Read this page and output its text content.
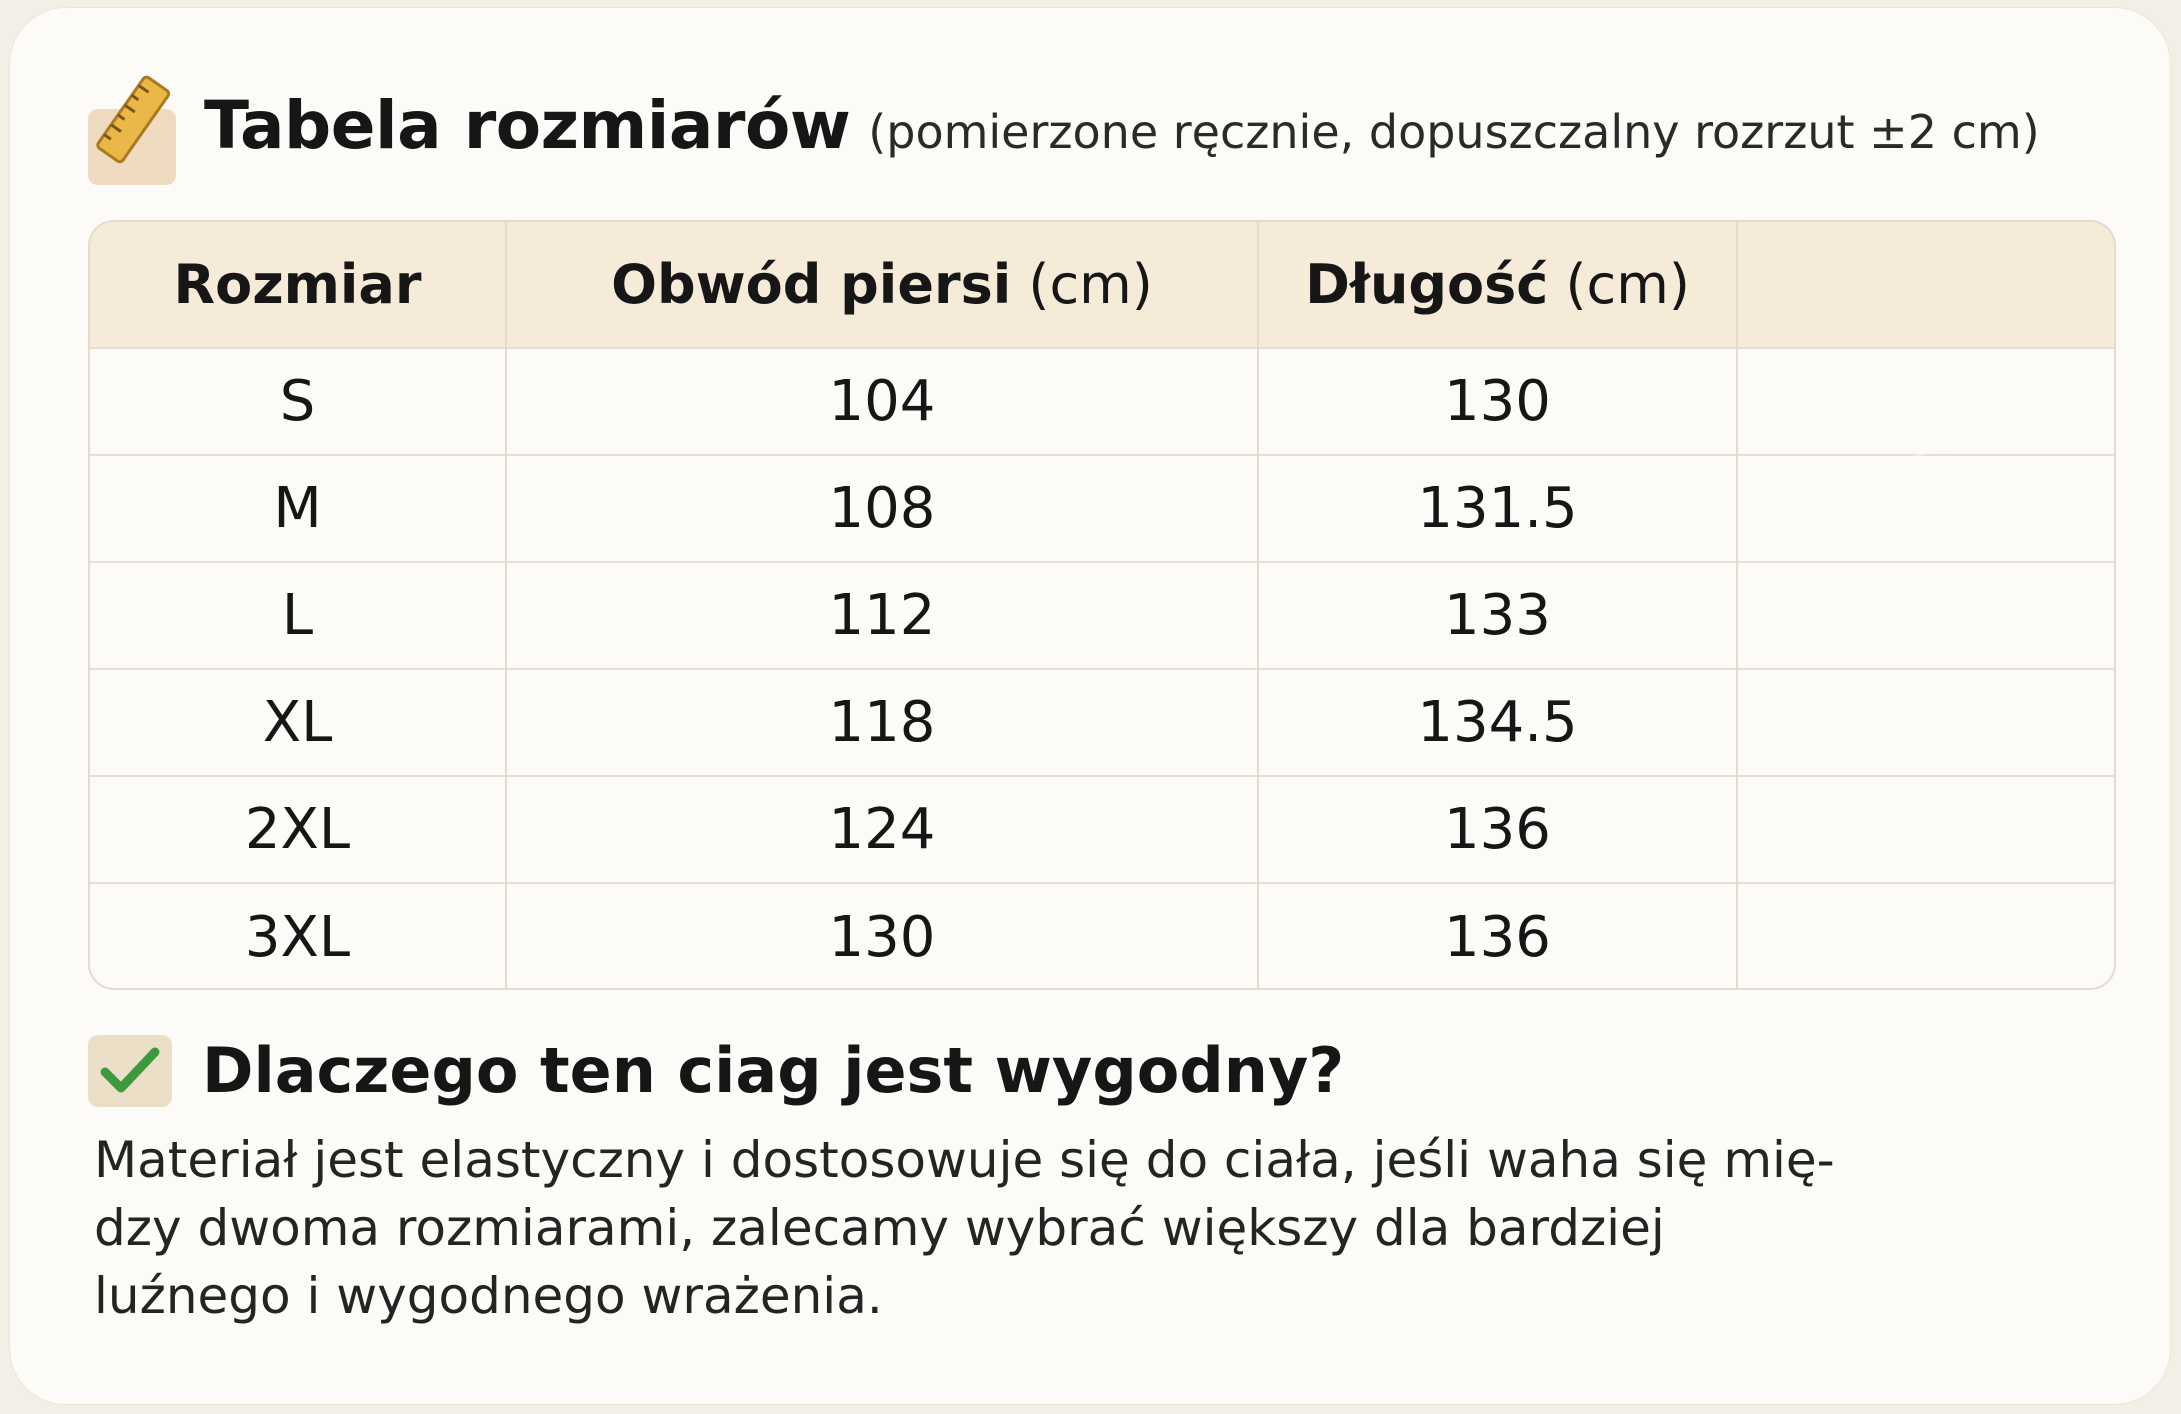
Tabela rozmiarów (pomierzone ręcznie, dopuszczalny rozrzut ±2 cm)
Rozmiar	Obwód piersi (cm)	Długość (cm)	
S	104	130	
M	108	131.5	
L	112	133	
XL	118	134.5	
2XL	124	136	
3XL	130	136	
Dlaczego ten ciag jest wygodny?
Materiał jest elastyczny i dostosowuje się do ciała, jeśli waha się mię-
dzy dwoma rozmiarami, zalecamy wybrać większy dla bardziej
luźnego i wygodnego wrażenia.
